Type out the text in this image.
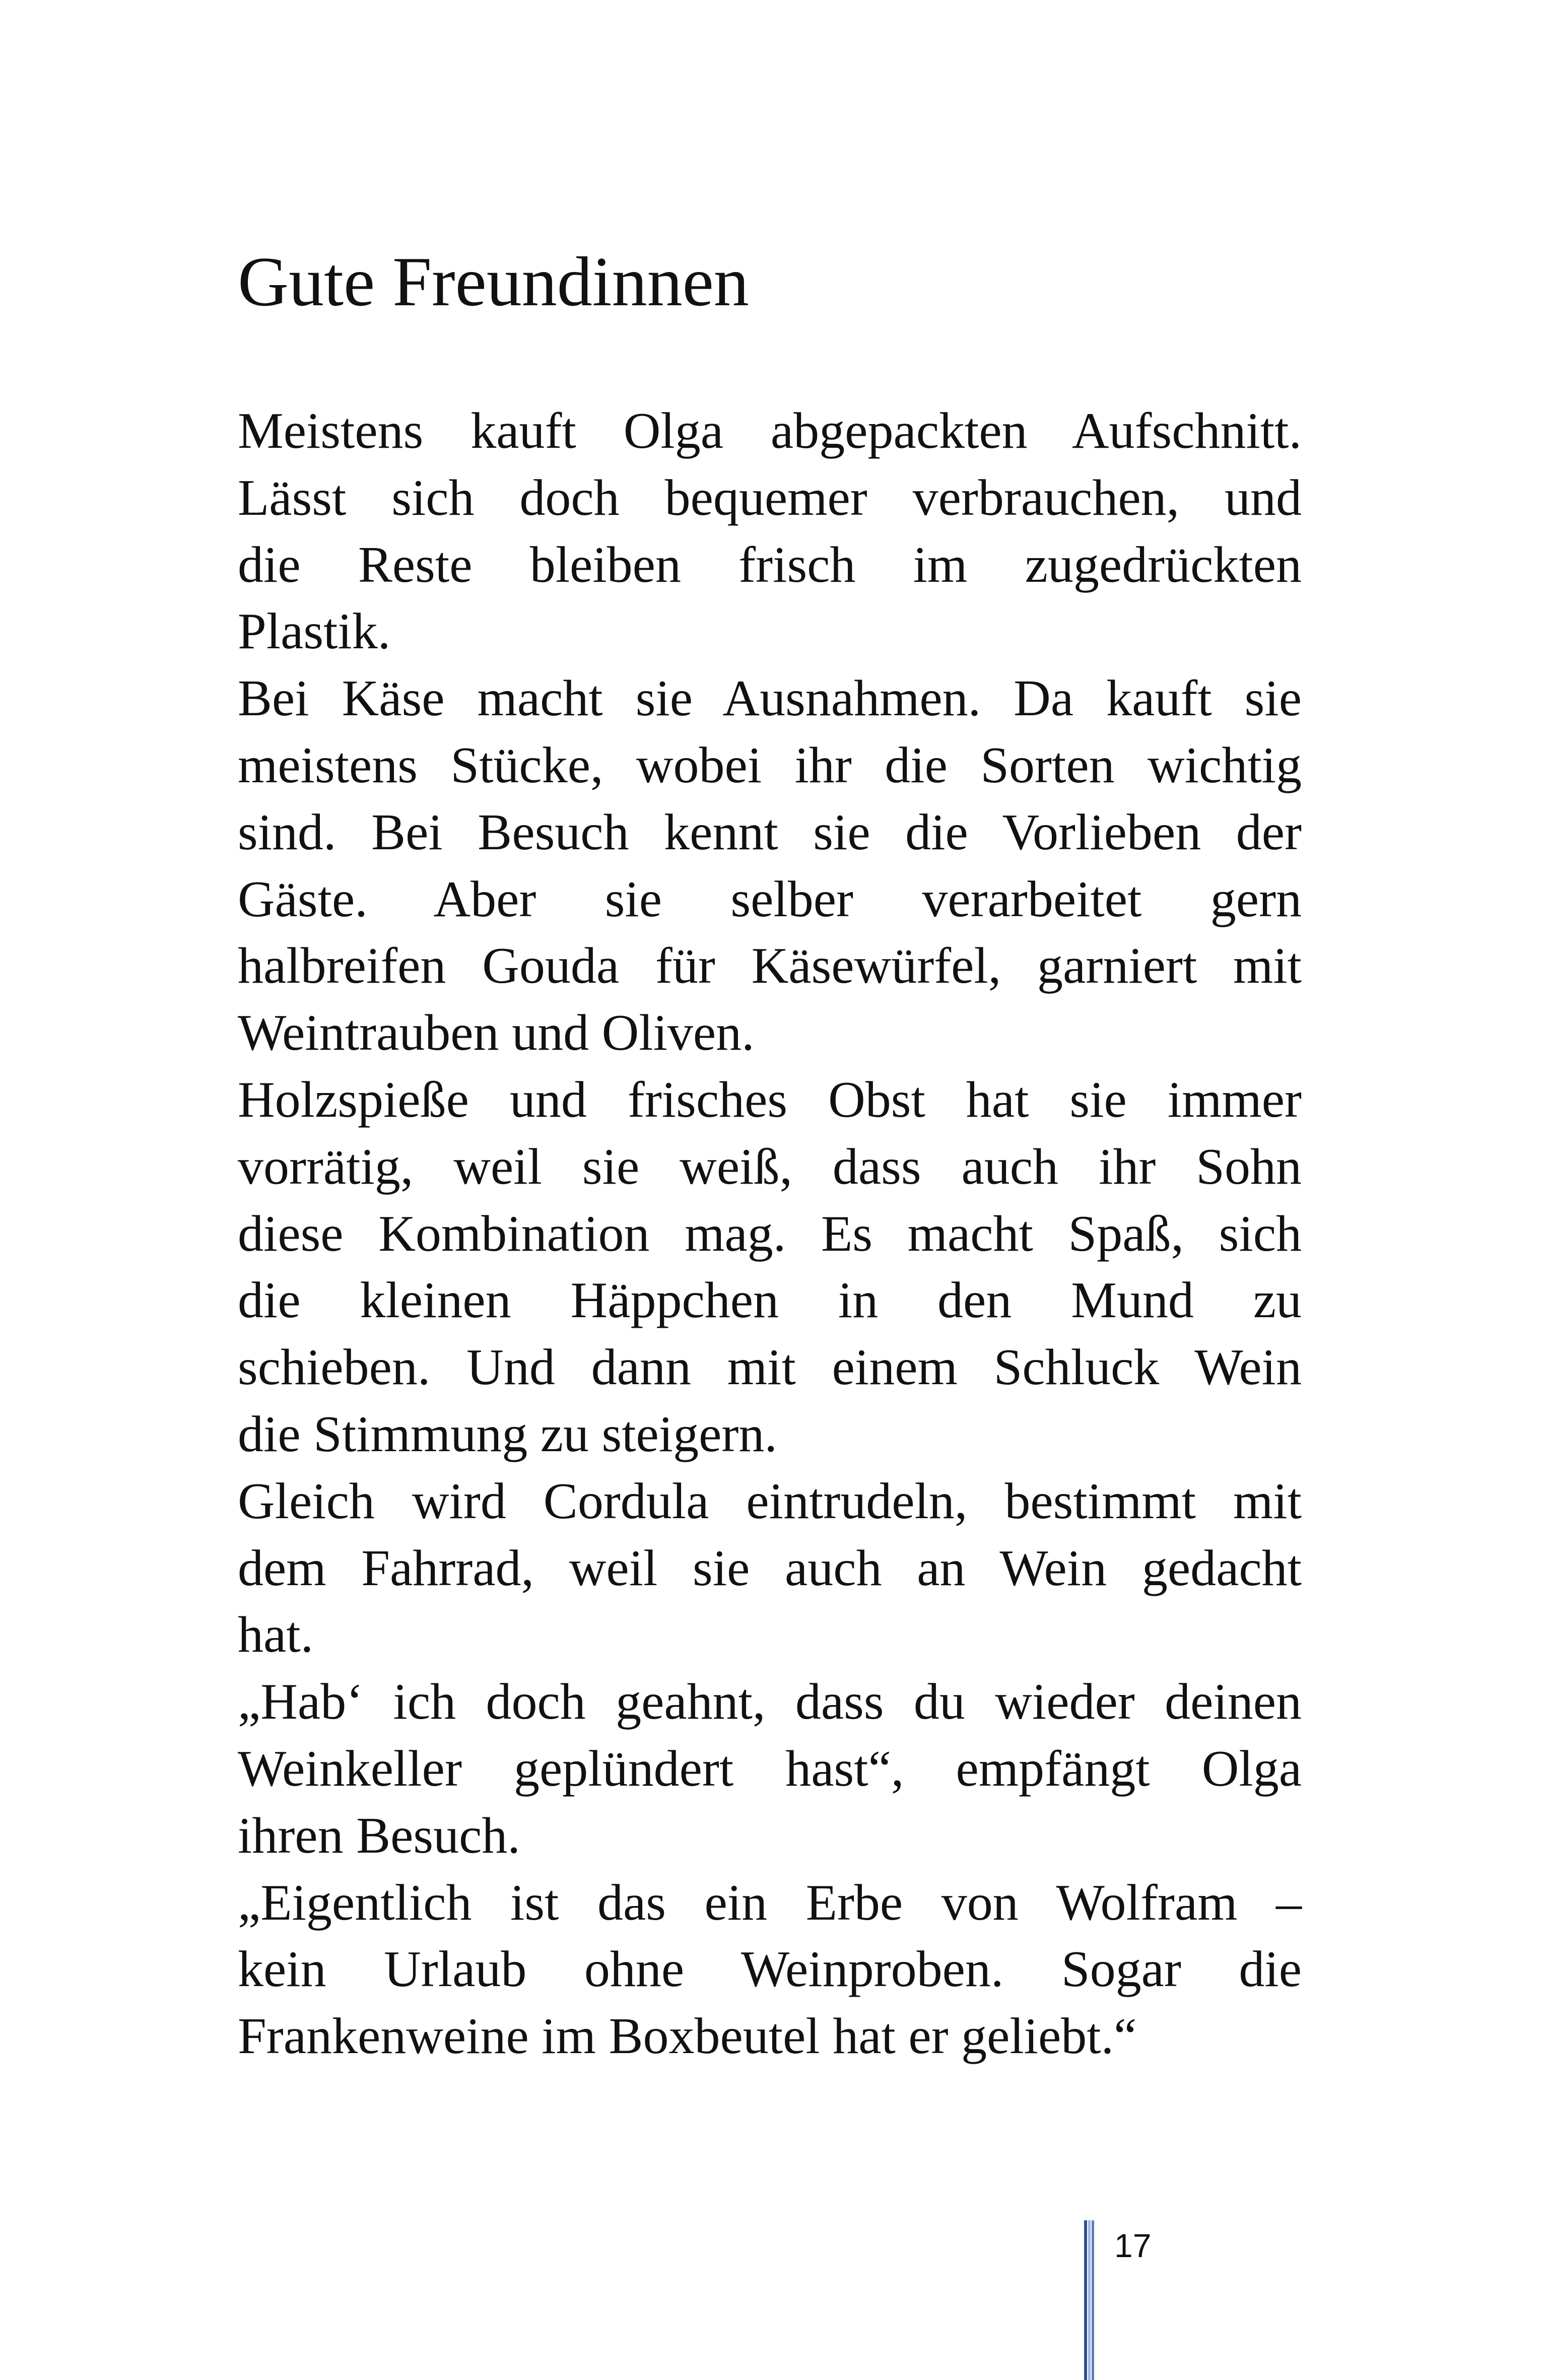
Gute Freundinnen
Meistens kauft Olga abgepackten Aufschnitt.
Lässt sich doch bequemer verbrauchen, und
die Reste bleiben frisch im zugedrückten
Plastik.
Bei Käse macht sie Ausnahmen. Da kauft sie
meistens Stücke, wobei ihr die Sorten wichtig
sind. Bei Besuch kennt sie die Vorlieben der
Gäste. Aber sie selber verarbeitet gern
halbreifen Gouda für Käsewürfel, garniert mit
Weintrauben und Oliven.
Holzspieße und frisches Obst hat sie immer
vorrätig, weil sie weiß, dass auch ihr Sohn
diese Kombination mag. Es macht Spaß, sich
die kleinen Häppchen in den Mund zu
schieben. Und dann mit einem Schluck Wein
die Stimmung zu steigern.
Gleich wird Cordula eintrudeln, bestimmt mit
dem Fahrrad, weil sie auch an Wein gedacht
hat.
„Hab‘ ich doch geahnt, dass du wieder deinen
Weinkeller geplündert hast“, empfängt Olga
ihren Besuch.
„Eigentlich ist das ein Erbe von Wolfram –
kein Urlaub ohne Weinproben. Sogar die
Frankenweine im Boxbeutel hat er geliebt.“
17
